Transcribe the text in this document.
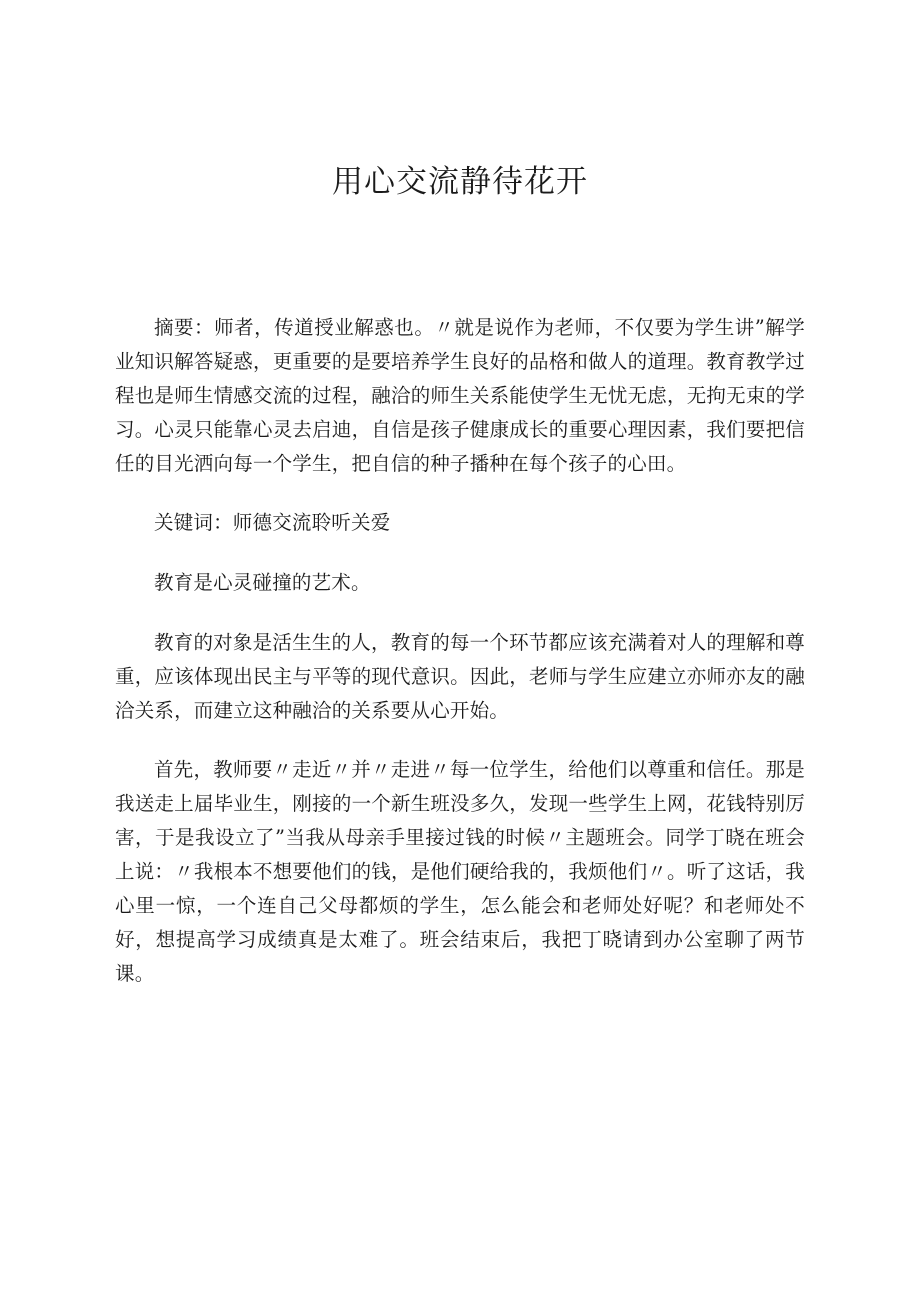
用心交流静待花开

摘要：师者，传道授业解惑也。〃就是说作为老师，不仅要为学生讲”解学业知识解答疑惑，更重要的是要培养学生良好的品格和做人的道理。教育教学过程也是师生情感交流的过程，融洽的师生关系能使学生无忧无虑，无拘无束的学习。心灵只能靠心灵去启迪，自信是孩子健康成长的重要心理因素，我们要把信任的目光洒向每一个学生，把自信的种子播种在每个孩子的心田。

关键词：师德交流聆听关爱

教育是心灵碰撞的艺术。

教育的对象是活生生的人，教育的每一个环节都应该充满着对人的理解和尊重，应该体现出民主与平等的现代意识。因此，老师与学生应建立亦师亦友的融洽关系，而建立这种融洽的关系要从心开始。

首先，教师要〃走近〃并〃走进〃每一位学生，给他们以尊重和信任。那是我送走上届毕业生，刚接的一个新生班没多久，发现一些学生上网，花钱特别厉害，于是我设立了”当我从母亲手里接过钱的时候〃主题班会。同学丁晓在班会上说：〃我根本不想要他们的钱，是他们硬给我的，我烦他们〃。听了这话，我心里一惊，一个连自己父母都烦的学生，怎么能会和老师处好呢？和老师处不好，想提高学习成绩真是太难了。班会结束后，我把丁晓请到办公室聊了两节课。
